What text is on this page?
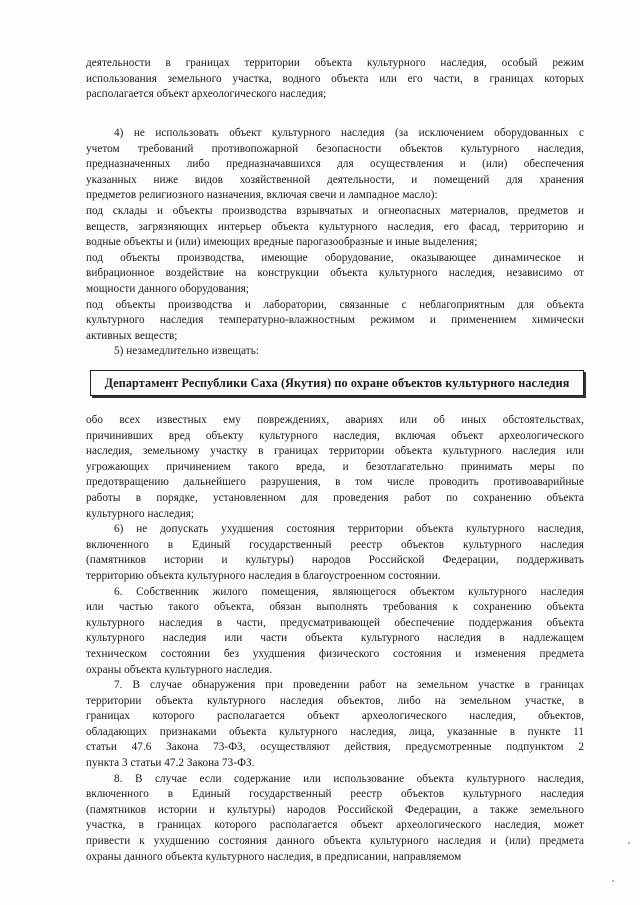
деятельности в границах территории объекта культурного наследия, особый режим
использования земельного участка, водного объекта или его части, в границах которых
располагается объект археологического наследия;
4) не использовать объект культурного наследия (за исключением оборудованных с
учетом требований противопожарной безопасности объектов культурного наследия,
предназначенных либо предназначавшихся для осуществления и (или) обеспечения
указанных ниже видов хозяйственной деятельности, и помещений для хранения
предметов религиозного назначения, включая свечи и лампадное масло):
под склады и объекты производства взрывчатых и огнеопасных материалов, предметов и
веществ, загрязняющих интерьер объекта культурного наследия, его фасад, территорию и
водные объекты и (или) имеющих вредные парогазообразные и иные выделения;
под объекты производства, имеющие оборудование, оказывающее динамическое и
вибрационное воздействие на конструкции объекта культурного наследия, независимо от
мощности данного оборудования;
под объекты производства и лаборатории, связанные с неблагоприятным для объекта
культурного наследия температурно-влажностным режимом и применением химически
активных веществ;
5) незамедлительно извещать:
Департамент Республики Саха (Якутия) по охране объектов культурного наследия
обо всех известных ему повреждениях, авариях или об иных обстоятельствах,
причинивших вред объекту культурного наследия, включая объект археологического
наследия, земельному участку в границах территории объекта культурного наследия или
угрожающих причинением такого вреда, и безотлагательно принимать меры по
предотвращению дальнейшего разрушения, в том числе проводить противоаварийные
работы в порядке, установленном для проведения работ по сохранению объекта
культурного наследия;
6) не допускать ухудшения состояния территории объекта культурного наследия,
включенного в Единый государственный реестр объектов культурного наследия
(памятников истории и культуры) народов Российской Федерации, поддерживать
территорию объекта культурного наследия в благоустроенном состоянии.
6. Собственник жилого помещения, являющегося объектом культурного наследия
или частью такого объекта, обязан выполнять требования к сохранению объекта
культурного наследия в части, предусматривающей обеспечение поддержания объекта
культурного наследия или части объекта культурного наследия в надлежащем
техническом состоянии без ухудшения физического состояния и изменения предмета
охраны объекта культурного наследия.
7. В случае обнаружения при проведении работ на земельном участке в границах
территории объекта культурного наследия объектов, либо на земельном участке, в
границах которого располагается объект археологического наследия, объектов,
обладающих признаками объекта культурного наследия, лица, указанные в пункте 11
статьи 47.6 Закона 73-ФЗ, осуществляют действия, предусмотренные подпунктом 2
пункта 3 статьи 47.2 Закона 73-ФЗ.
8. В случае если содержание или использование объекта культурного наследия,
включенного в Единый государственный реестр объектов культурного наследия
(памятников истории и культуры) народов Российской Федерации, а также земельного
участка, в границах которого располагается объект археологического наследия, может
привести к ухудшению состояния данного объекта культурного наследия и (или) предмета
охраны данного объекта культурного наследия, в предписании, направляемом
